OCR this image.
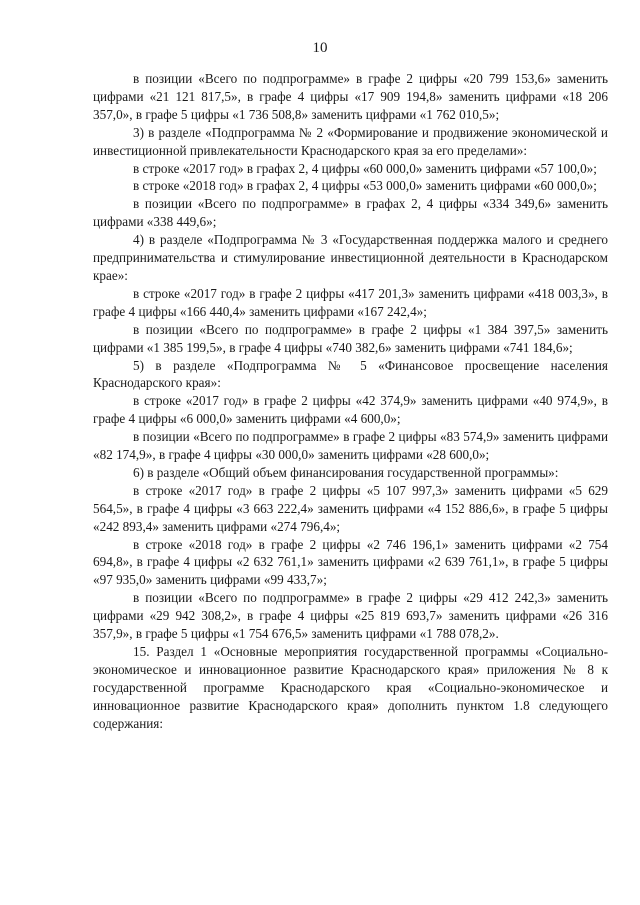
10

в позиции «Всего по подпрограмме» в графе 2 цифры «20 799 153,6» заменить цифрами «21 121 817,5», в графе 4 цифры «17 909 194,8» заменить цифрами «18 206 357,0», в графе 5 цифры «1 736 508,8» заменить цифрами «1 762 010,5»;

3) в разделе «Подпрограмма № 2 «Формирование и продвижение экономической и инвестиционной привлекательности Краснодарского края за его пределами»:

в строке «2017 год» в графах 2, 4 цифры «60 000,0» заменить цифрами «57 100,0»;

в строке «2018 год» в графах 2, 4 цифры «53 000,0» заменить цифрами «60 000,0»;

в позиции «Всего по подпрограмме» в графах 2, 4 цифры «334 349,6» заменить цифрами «338 449,6»;

4) в разделе «Подпрограмма № 3 «Государственная поддержка малого и среднего предпринимательства и стимулирование инвестиционной деятельности в Краснодарском крае»:

в строке «2017 год» в графе 2 цифры «417 201,3» заменить цифрами «418 003,3», в графе 4 цифры «166 440,4» заменить цифрами «167 242,4»;

в позиции «Всего по подпрограмме» в графе 2 цифры «1 384 397,5» заменить цифрами «1 385 199,5», в графе 4 цифры «740 382,6» заменить цифрами «741 184,6»;

5) в разделе «Подпрограмма № 5 «Финансовое просвещение населения Краснодарского края»:

в строке «2017 год» в графе 2 цифры «42 374,9» заменить цифрами «40 974,9», в графе 4 цифры «6 000,0» заменить цифрами «4 600,0»;

в позиции «Всего по подпрограмме» в графе 2 цифры «83 574,9» заменить цифрами «82 174,9», в графе 4 цифры «30 000,0» заменить цифрами «28 600,0»;

6) в разделе «Общий объем финансирования государственной программы»:

в строке «2017 год» в графе 2 цифры «5 107 997,3» заменить цифрами «5 629 564,5», в графе 4 цифры «3 663 222,4» заменить цифрами «4 152 886,6», в графе 5 цифры «242 893,4» заменить цифрами «274 796,4»;

в строке «2018 год» в графе 2 цифры «2 746 196,1» заменить цифрами «2 754 694,8», в графе 4 цифры «2 632 761,1» заменить цифрами «2 639 761,1», в графе 5 цифры «97 935,0» заменить цифрами «99 433,7»;

в позиции «Всего по подпрограмме» в графе 2 цифры «29 412 242,3» заменить цифрами «29 942 308,2», в графе 4 цифры «25 819 693,7» заменить цифрами «26 316 357,9», в графе 5 цифры «1 754 676,5» заменить цифрами «1 788 078,2».

15. Раздел 1 «Основные мероприятия государственной программы «Социально-экономическое и инновационное развитие Краснодарского края» приложения № 8 к государственной программе Краснодарского края «Социально-экономическое и инновационное развитие Краснодарского края» дополнить пунктом 1.8 следующего содержания:
